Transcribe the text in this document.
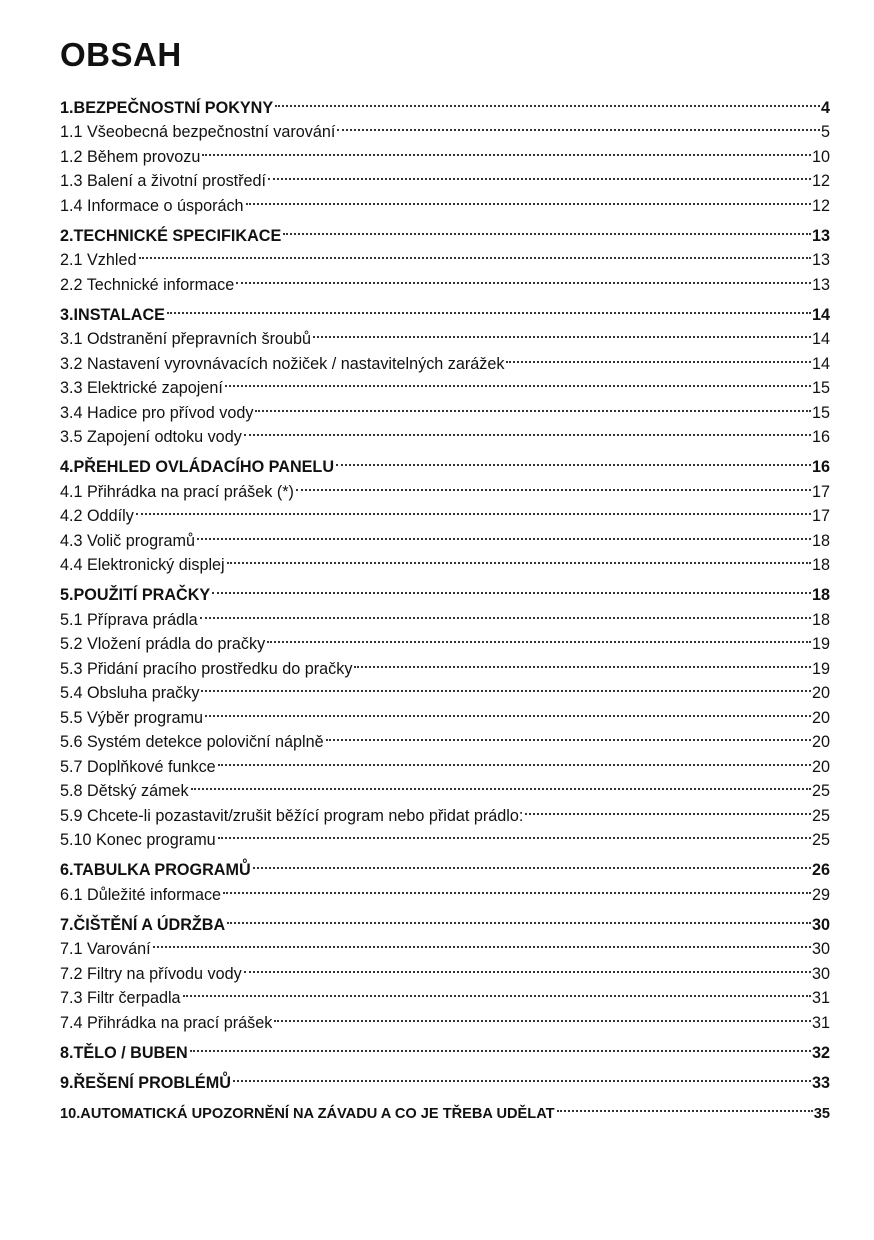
OBSAH
1.BEZPEČNOSTNÍ POKYNY	4
1.1 Všeobecná bezpečnostní varování	5
1.2 Během provozu	10
1.3 Balení a životní prostředí	12
1.4 Informace o úsporách	12
2.TECHNICKÉ SPECIFIKACE	13
2.1 Vzhled	13
2.2 Technické informace	13
3.INSTALACE	14
3.1 Odstranění přepravních šroubů	14
3.2 Nastavení vyrovnávacích nožiček / nastavitelných zarážek	14
3.3 Elektrické zapojení	15
3.4 Hadice pro přívod vody	15
3.5 Zapojení odtoku vody	16
4.PŘEHLED OVLÁDACÍHO PANELU	16
4.1 Přihrádka na prací prášek (*)	17
4.2 Oddíly	17
4.3 Volič programů	18
4.4 Elektronický displej	18
5.POUŽITÍ PRAČKY	18
5.1 Příprava prádla	18
5.2 Vložení prádla do pračky	19
5.3 Přidání pracího prostředku do pračky	19
5.4 Obsluha pračky	20
5.5 Výběr programu	20
5.6 Systém detekce poloviční náplně	20
5.7 Doplňkové funkce	20
5.8 Dětský zámek	25
5.9 Chcete-li pozastavit/zrušit běžící program nebo přidat prádlo:	25
5.10 Konec programu	25
6.TABULKA PROGRAMŮ	26
6.1 Důležité informace	29
7.ČIŠTĚNÍ A ÚDRŽBA	30
7.1 Varování	30
7.2 Filtry na přívodu vody	30
7.3 Filtr čerpadla	31
7.4 Přihrádka na prací prášek	31
8.TĚLO / BUBEN	32
9.ŘEŠENÍ PROBLÉMŮ	33
10.AUTOMATICKÁ UPOZORNĚNÍ NA ZÁVADU A CO JE TŘEBA UDĚLAT	35
